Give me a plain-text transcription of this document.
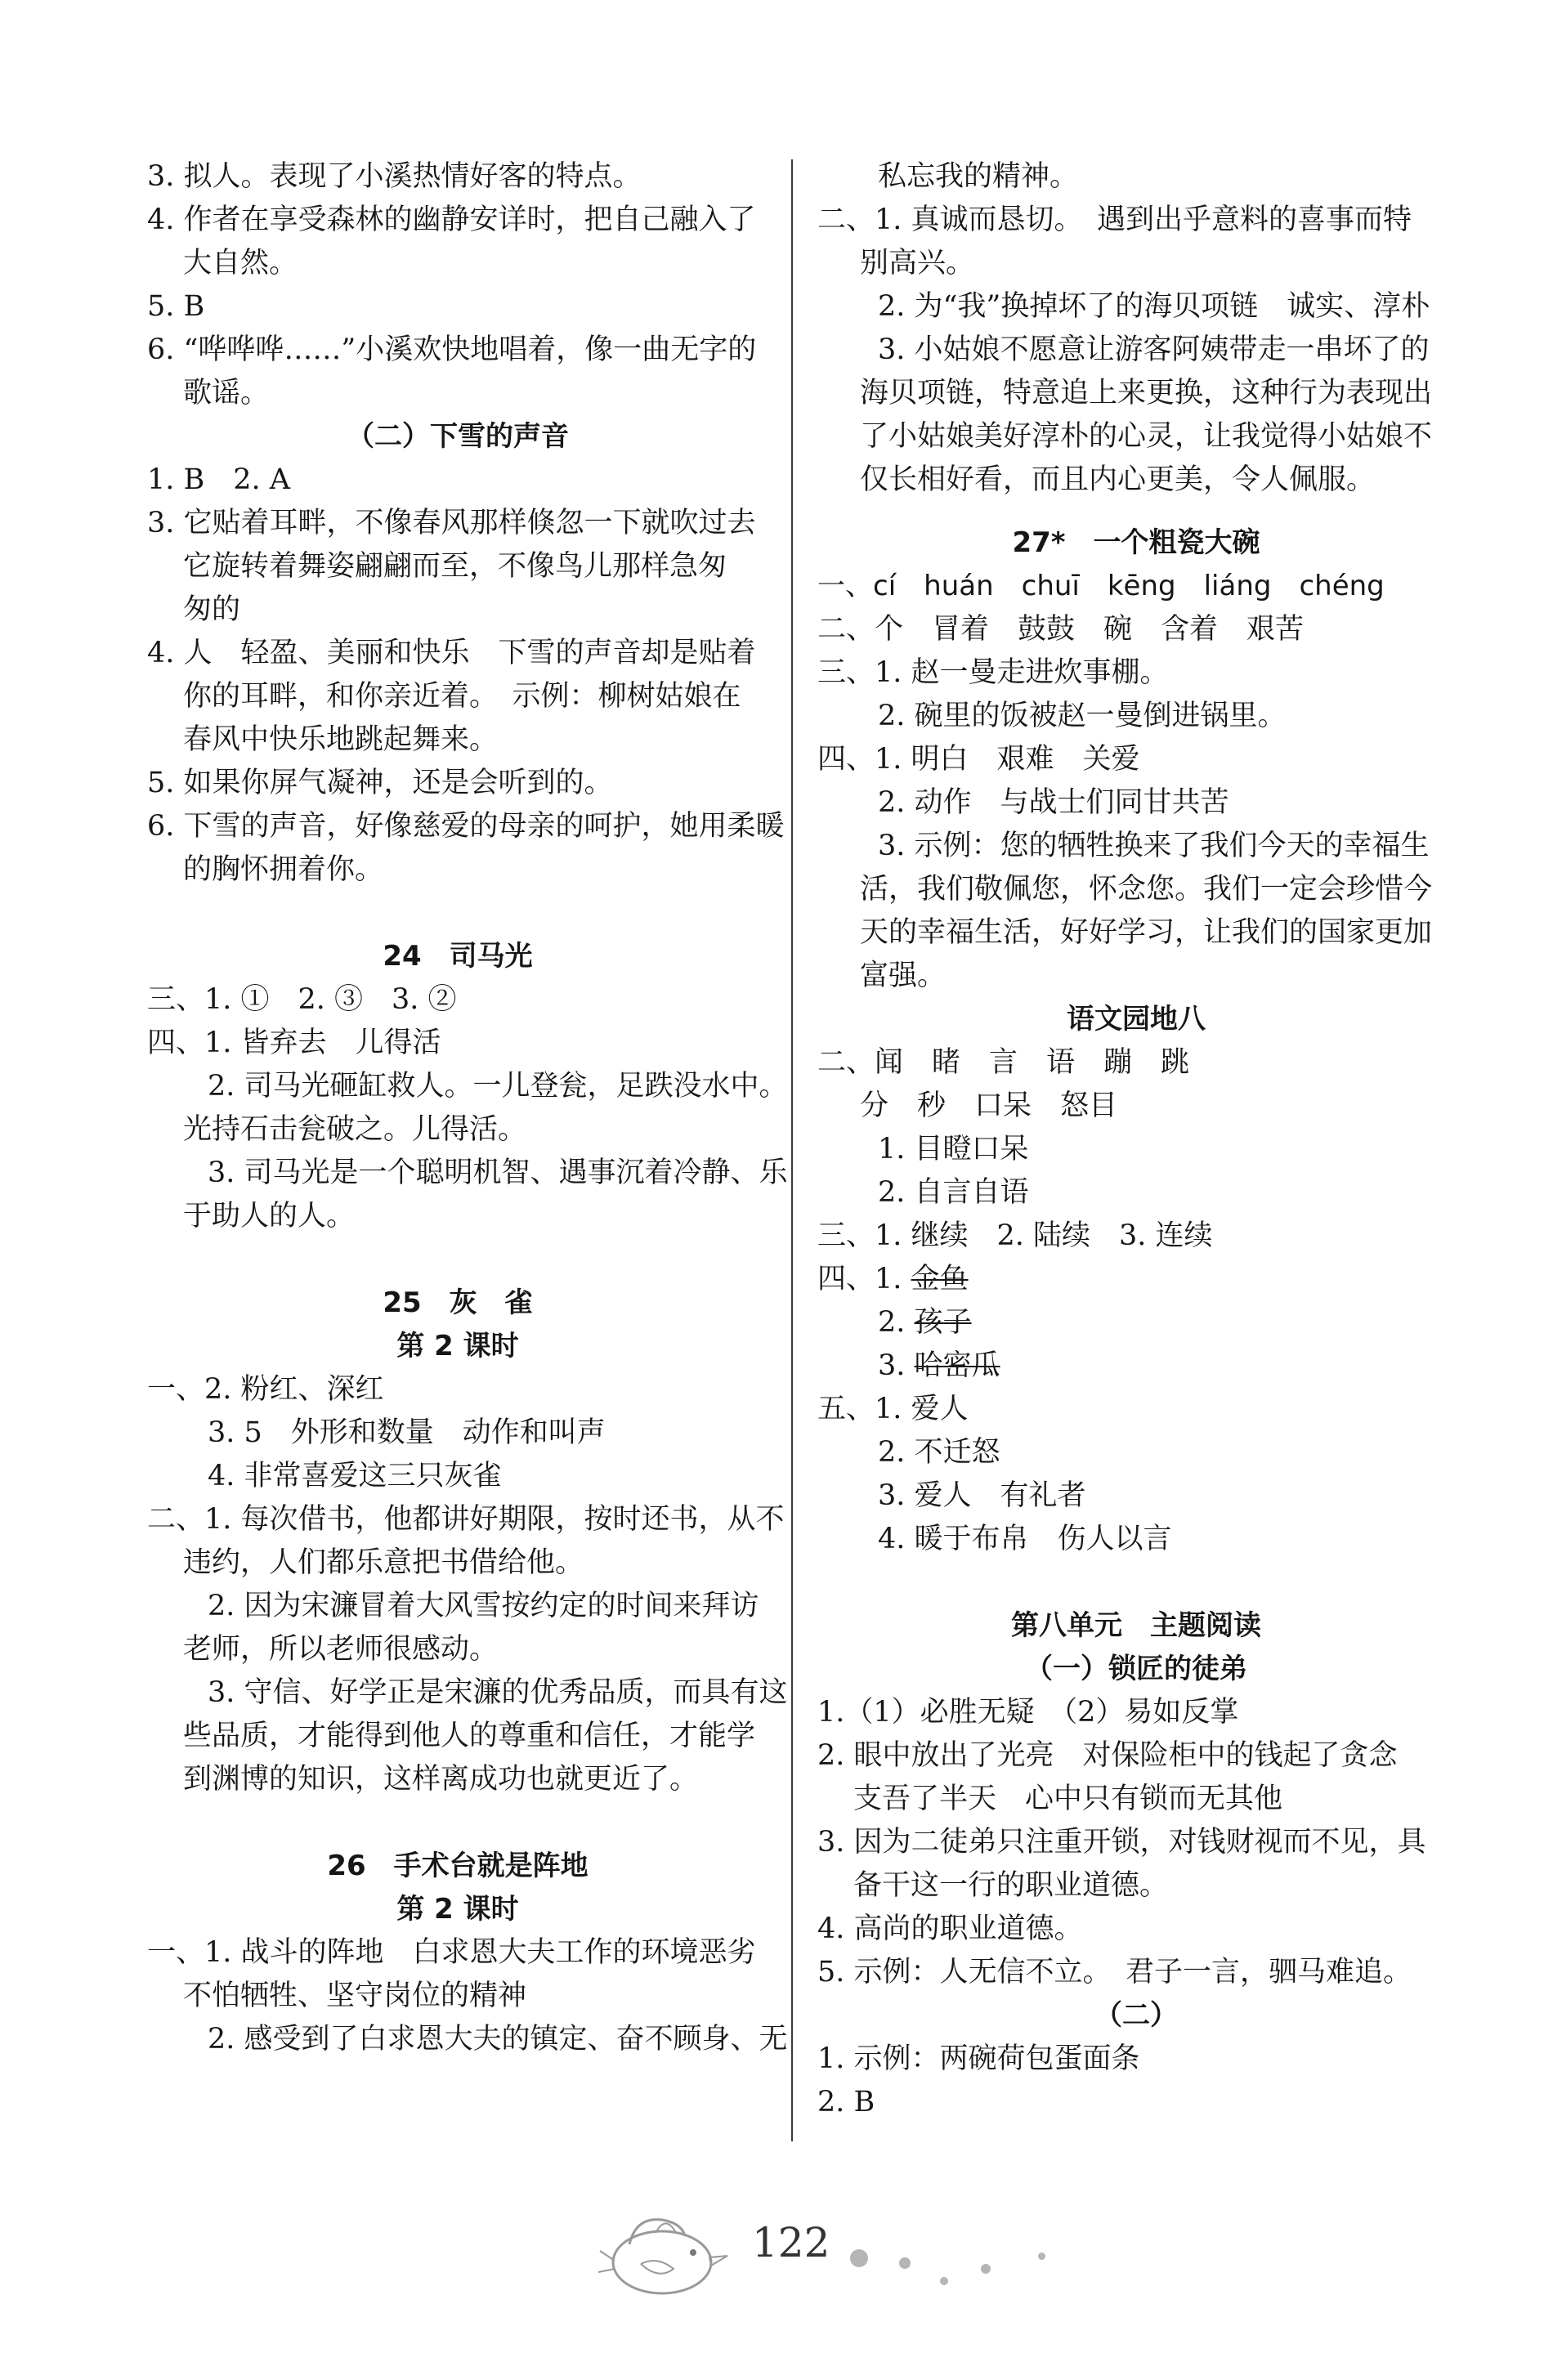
3. 拟人。表现了小溪热情好客的特点。
4. 作者在享受森林的幽静安详时，把自己融入了
大自然。
5. B
6. “哗哗哗……”小溪欢快地唱着，像一曲无字的
歌谣。
（二）下雪的声音
1. B　2. A
3. 它贴着耳畔，不像春风那样倏忽一下就吹过去
它旋转着舞姿翩翩而至，不像鸟儿那样急匆
匆的
4. 人　轻盈、美丽和快乐　下雪的声音却是贴着
你的耳畔，和你亲近着。　示例：柳树姑娘在
春风中快乐地跳起舞来。
5. 如果你屏气凝神，还是会听到的。
6. 下雪的声音，好像慈爱的母亲的呵护，她用柔暖
的胸怀拥着你。
24　司马光
三、1. ①　2. ③　3. ②
四、1. 皆弃去　儿得活
2. 司马光砸缸救人。一儿登瓮，足跌没水中。
光持石击瓮破之。儿得活。
3. 司马光是一个聪明机智、遇事沉着冷静、乐
于助人的人。
25　灰　雀
第 2 课时
一、2. 粉红、深红
3. 5　外形和数量　动作和叫声
4. 非常喜爱这三只灰雀
二、1. 每次借书，他都讲好期限，按时还书，从不
违约，人们都乐意把书借给他。
2. 因为宋濂冒着大风雪按约定的时间来拜访
老师，所以老师很感动。
3. 守信、好学正是宋濂的优秀品质，而具有这
些品质，才能得到他人的尊重和信任，才能学
到渊博的知识，这样离成功也就更近了。
26　手术台就是阵地
第 2 课时
一、1. 战斗的阵地　白求恩大夫工作的环境恶劣
不怕牺牲、坚守岗位的精神
2. 感受到了白求恩大夫的镇定、奋不顾身、无
私忘我的精神。
二、1. 真诚而恳切。　遇到出乎意料的喜事而特
别高兴。
2. 为“我”换掉坏了的海贝项链　诚实、淳朴
3. 小姑娘不愿意让游客阿姨带走一串坏了的
海贝项链，特意追上来更换，这种行为表现出
了小姑娘美好淳朴的心灵，让我觉得小姑娘不
仅长相好看，而且内心更美，令人佩服。
27*　一个粗瓷大碗
一、cí　huán　chuī　kēng　liáng　chéng
二、个　冒着　鼓鼓　碗　含着　艰苦
三、1. 赵一曼走进炊事棚。
2. 碗里的饭被赵一曼倒进锅里。
四、1. 明白　艰难　关爱
2. 动作　与战士们同甘共苦
3. 示例：您的牺牲换来了我们今天的幸福生
活，我们敬佩您，怀念您。我们一定会珍惜今
天的幸福生活，好好学习，让我们的国家更加
富强。
语文园地八
二、闻　睹　言　语　蹦　跳
分　秒　口呆　怒目
1. 目瞪口呆
2. 自言自语
三、1. 继续　2. 陆续　3. 连续
四、1. 金鱼
2. 孩子
3. 哈密瓜
五、1. 爱人
2. 不迁怒
3. 爱人　有礼者
4. 暖于布帛　伤人以言
第八单元　主题阅读
（一）锁匠的徒弟
1.（1）必胜无疑　（2）易如反掌
2. 眼中放出了光亮　对保险柜中的钱起了贪念
支吾了半天　心中只有锁而无其他
3. 因为二徒弟只注重开锁，对钱财视而不见，具
备干这一行的职业道德。
4. 高尚的职业道德。
5. 示例：人无信不立。　君子一言，驷马难追。
（二）
1. 示例：两碗荷包蛋面条
2. B
122
